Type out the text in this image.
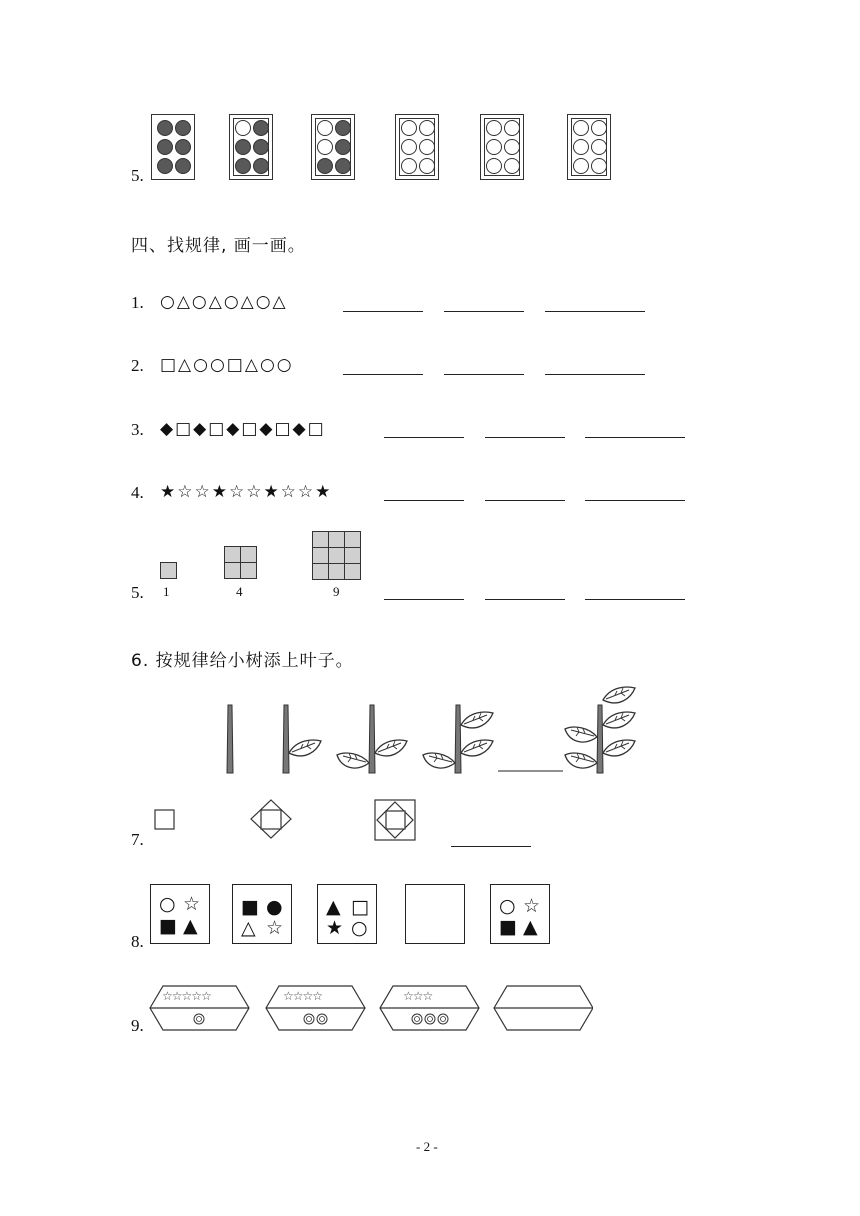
5.
四、找规律, 画一画。
1. ○△○△○△○△
2. □△○○□△○○
3. ◆□◆□◆□◆□◆□
4. ★☆☆★☆☆★☆☆★
5. 1	4	9
6. 按规律给小树添上叶子。
7.
8.
○ ☆
■ ▲
■ ●
△ ☆
▲ □
★ ○
○ ☆
■ ▲
9.
☆☆☆☆☆	☆☆☆☆	☆☆☆
- 2 -
